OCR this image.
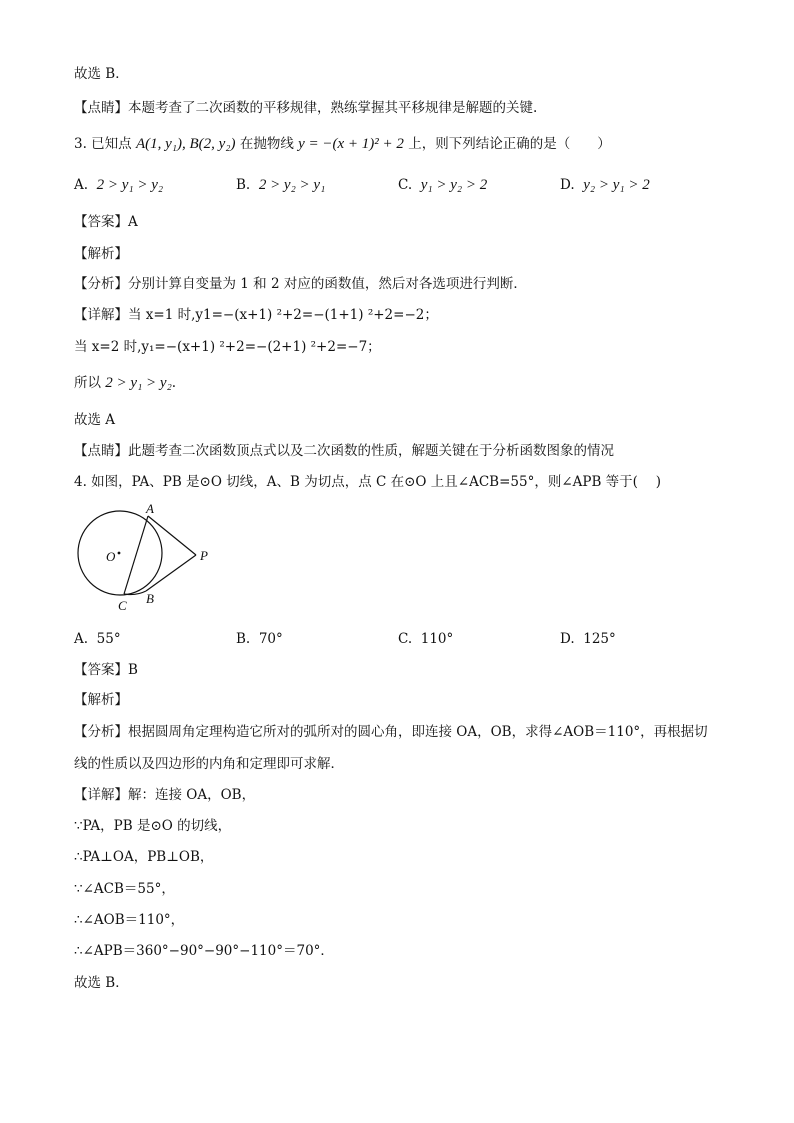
故选 B．
【点睛】本题考查了二次函数的平移规律，熟练掌握其平移规律是解题的关键.
3. 已知点 A(1, y₁), B(2, y₂) 在抛物线 y = −(x + 1)² + 2 上，则下列结论正确的是（　　）
A. 2 > y₁ > y₂	B. 2 > y₂ > y₁	C. y₁ > y₂ > 2	D. y₂ > y₁ > 2
【答案】A
【解析】
【分析】分别计算自变量为 1 和 2 对应的函数值，然后对各选项进行判断．
【详解】当 x=1 时,y1=−(x+1) ²+2=−(1+1) ²+2=−2；
当 x=2 时,y₁=−(x+1) ²+2=−(2+1) ²+2=−7；
所以 2 > y₁ > y₂.
故选 A
【点睛】此题考查二次函数顶点式以及二次函数的性质，解题关键在于分析函数图象的情况
4. 如图，PA、PB 是⊙O 切线，A、B 为切点，点 C 在⊙O 上且∠ACB=55°，则∠APB 等于(　 )
O
A
P
B
C
A. 55°	B. 70°	C. 110°	D. 125°
【答案】B
【解析】
【分析】根据圆周角定理构造它所对的弧所对的圆心角，即连接 OA，OB，求得∠AOB＝110°，再根据切
线的性质以及四边形的内角和定理即可求解．
【详解】解：连接 OA，OB，
∵PA，PB 是⊙O 的切线，
∴PA⊥OA，PB⊥OB，
∵∠ACB＝55°，
∴∠AOB＝110°，
∴∠APB＝360°−90°−90°−110°＝70°．
故选 B．
